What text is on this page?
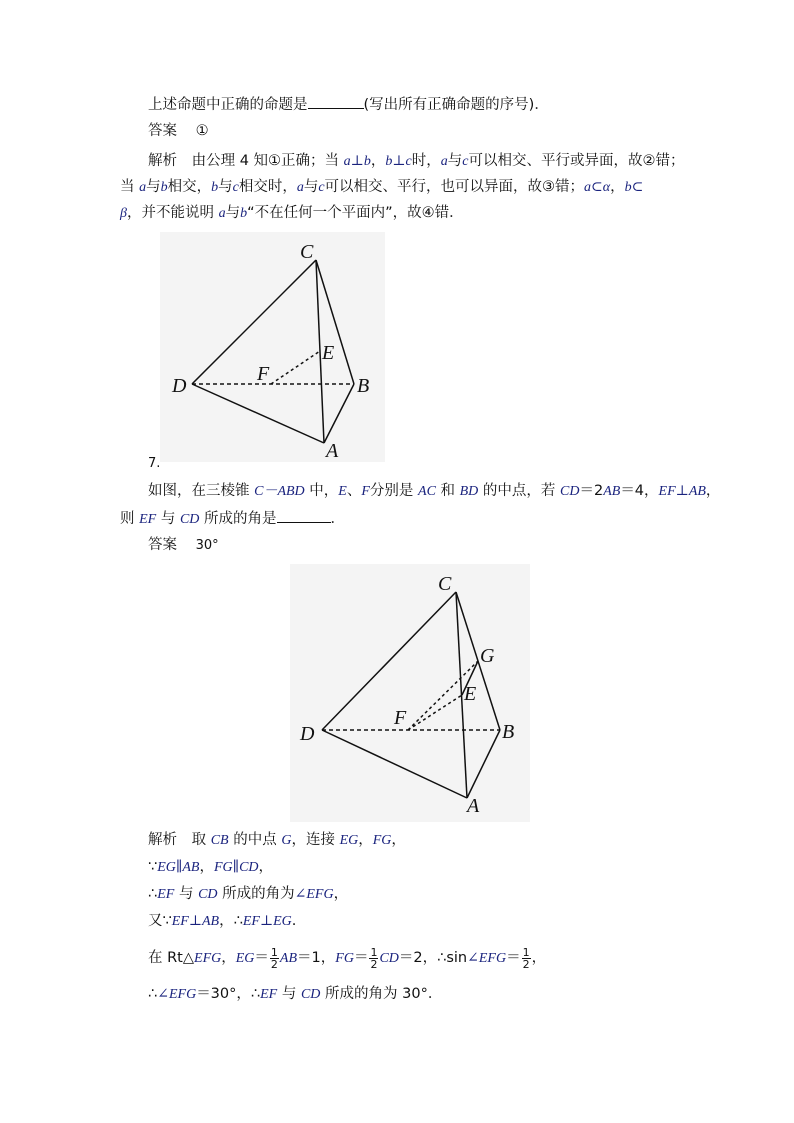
上述命题中正确的命题是	(写出所有正确命题的序号)．
答案 ①
解析 由公理 4 知①正确；当 a⊥b，b⊥c时，a与c可以相交、平行或异面，故②错；
当 a与b相交，b与c相交时，a与c可以相交、平行，也可以异面，故③错；a⊂α，b⊂
β，并不能说明 a与b“不在任何一个平面内”，故④错．
C
D	B
A
E
F
7.
如图，在三棱锥 C－ABD 中，E、F分别是 AC 和 BD 的中点，若 CD＝2AB＝4，EF⊥AB，
则 EF 与 CD 所成的角是	．
答案 30°
C
D	B
A
E
G
F
解析 取 CB 的中点 G，连接 EG，FG，
∵EG∥AB，FG∥CD，
∴EF 与 CD 所成的角为∠EFG，
又∵EF⊥AB，∴EF⊥EG.
在 Rt△EFG，$EG= \frac{1}{2} AB=1$，$FG= \frac{1}{2} CD=2$，∴sin∠EFG＝ $\frac{1}{2}$ ，
∴∠EFG＝30°，∴EF 与 CD 所成的角为 30°．
